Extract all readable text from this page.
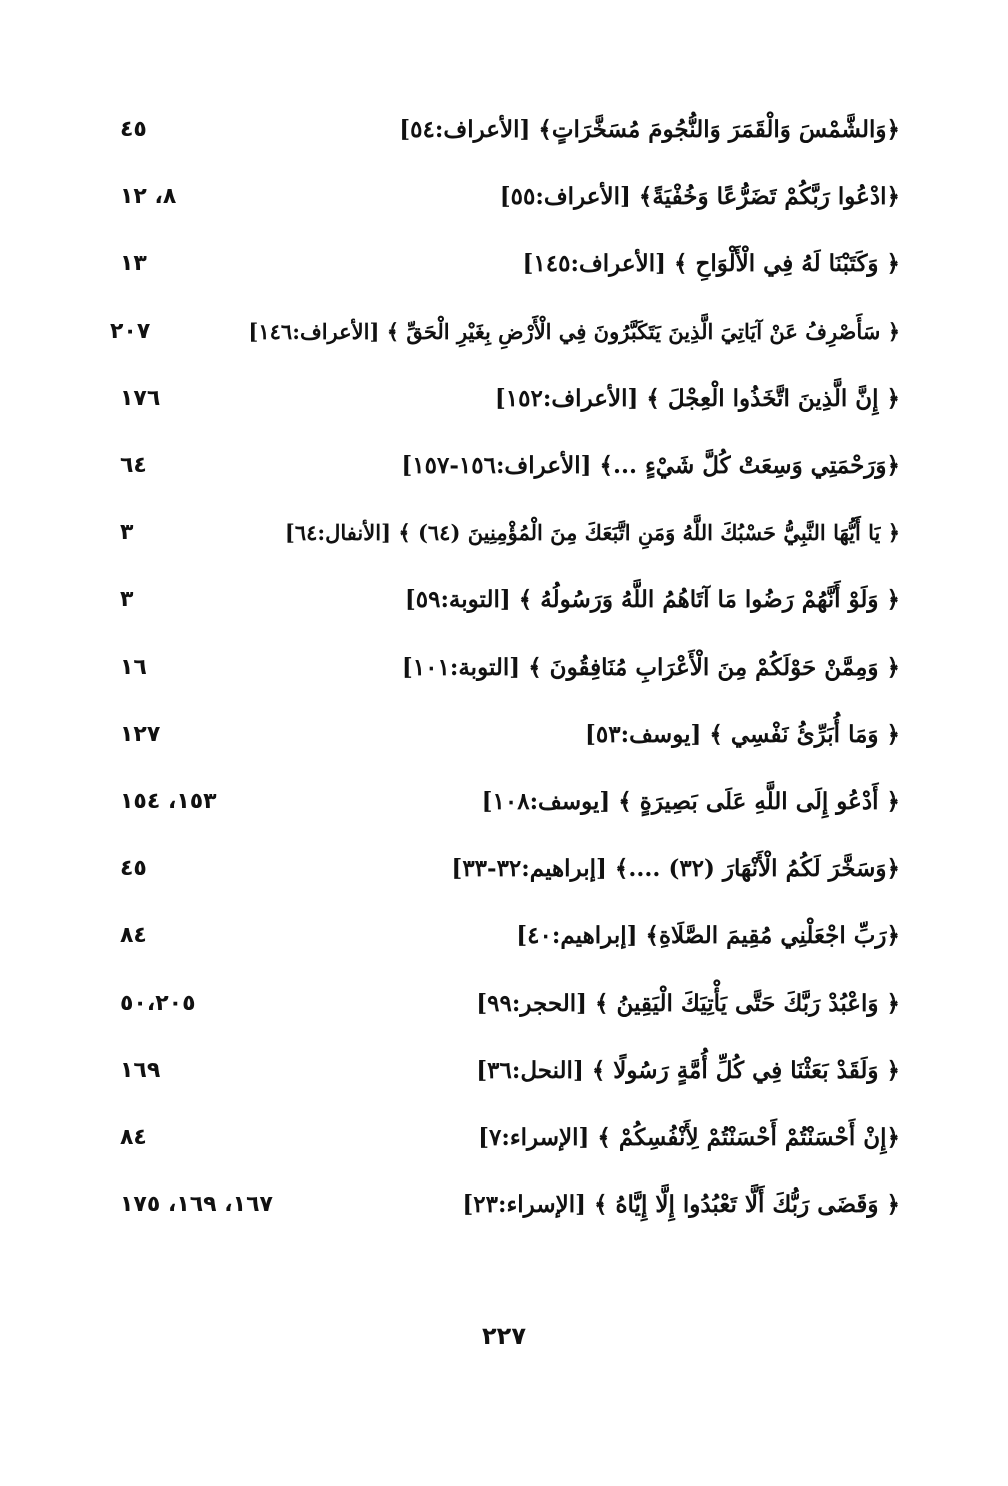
﴿وَالشَّمْسَ وَالْقَمَرَ وَالنُّجُومَ مُسَخَّرَاتٍ﴾ [الأعراف:٥٤]
٤٥
﴿ادْعُوا رَبَّكُمْ تَضَرُّعًا وَخُفْيَةً﴾ [الأعراف:٥٥]
٨، ١٢
﴿ وَكَتَبْنَا لَهُ فِي الْأَلْوَاحِ ﴾ [الأعراف:١٤٥]
١٣
﴿ سَأَصْرِفُ عَنْ آيَاتِيَ الَّذِينَ يَتَكَبَّرُونَ فِي الْأَرْضِ بِغَيْرِ الْحَقِّ ﴾ [الأعراف:١٤٦]
٢٠٧
﴿ إِنَّ الَّذِينَ اتَّخَذُوا الْعِجْلَ ﴾ [الأعراف:١٥٢]
١٧٦
﴿وَرَحْمَتِي وَسِعَتْ كُلَّ شَيْءٍ ...﴾ [الأعراف:١٥٦-١٥٧]
٦٤
﴿ يَا أَيُّهَا النَّبِيُّ حَسْبُكَ اللَّهُ وَمَنِ اتَّبَعَكَ مِنَ الْمُؤْمِنِينَ (٦٤) ﴾ [الأنفال:٦٤]
٣
﴿ وَلَوْ أَنَّهُمْ رَضُوا مَا آتَاهُمُ اللَّهُ وَرَسُولُهُ ﴾ [التوبة:٥٩]
٣
﴿ وَمِمَّنْ حَوْلَكُمْ مِنَ الْأَعْرَابِ مُنَافِقُونَ ﴾ [التوبة:١٠١]
١٦
﴿ وَمَا أُبَرِّئُ نَفْسِي ﴾ [يوسف:٥٣]
١٢٧
﴿ أَدْعُو إِلَى اللَّهِ عَلَى بَصِيرَةٍ ﴾ [يوسف:١٠٨]
١٥٣، ١٥٤
﴿وَسَخَّرَ لَكُمُ الْأَنْهَارَ (٣٢) ....﴾ [إبراهيم:٣٢-٣٣]
٤٥
﴿رَبِّ اجْعَلْنِي مُقِيمَ الصَّلَاةِ﴾ [إبراهيم:٤٠]
٨٤
﴿ وَاعْبُدْ رَبَّكَ حَتَّى يَأْتِيَكَ الْيَقِينُ ﴾ [الحجر:٩٩]
٥٠،٢٠٥
﴿ وَلَقَدْ بَعَثْنَا فِي كُلِّ أُمَّةٍ رَسُولًا ﴾ [النحل:٣٦]
١٦٩
﴿إِنْ أَحْسَنْتُمْ أَحْسَنْتُمْ لِأَنْفُسِكُمْ ﴾ [الإسراء:٧]
٨٤
﴿ وَقَضَى رَبُّكَ أَلَّا تَعْبُدُوا إِلَّا إِيَّاهُ ﴾ [الإسراء:٢٣]
١٦٧، ١٦٩، ١٧٥
٢٢٧
